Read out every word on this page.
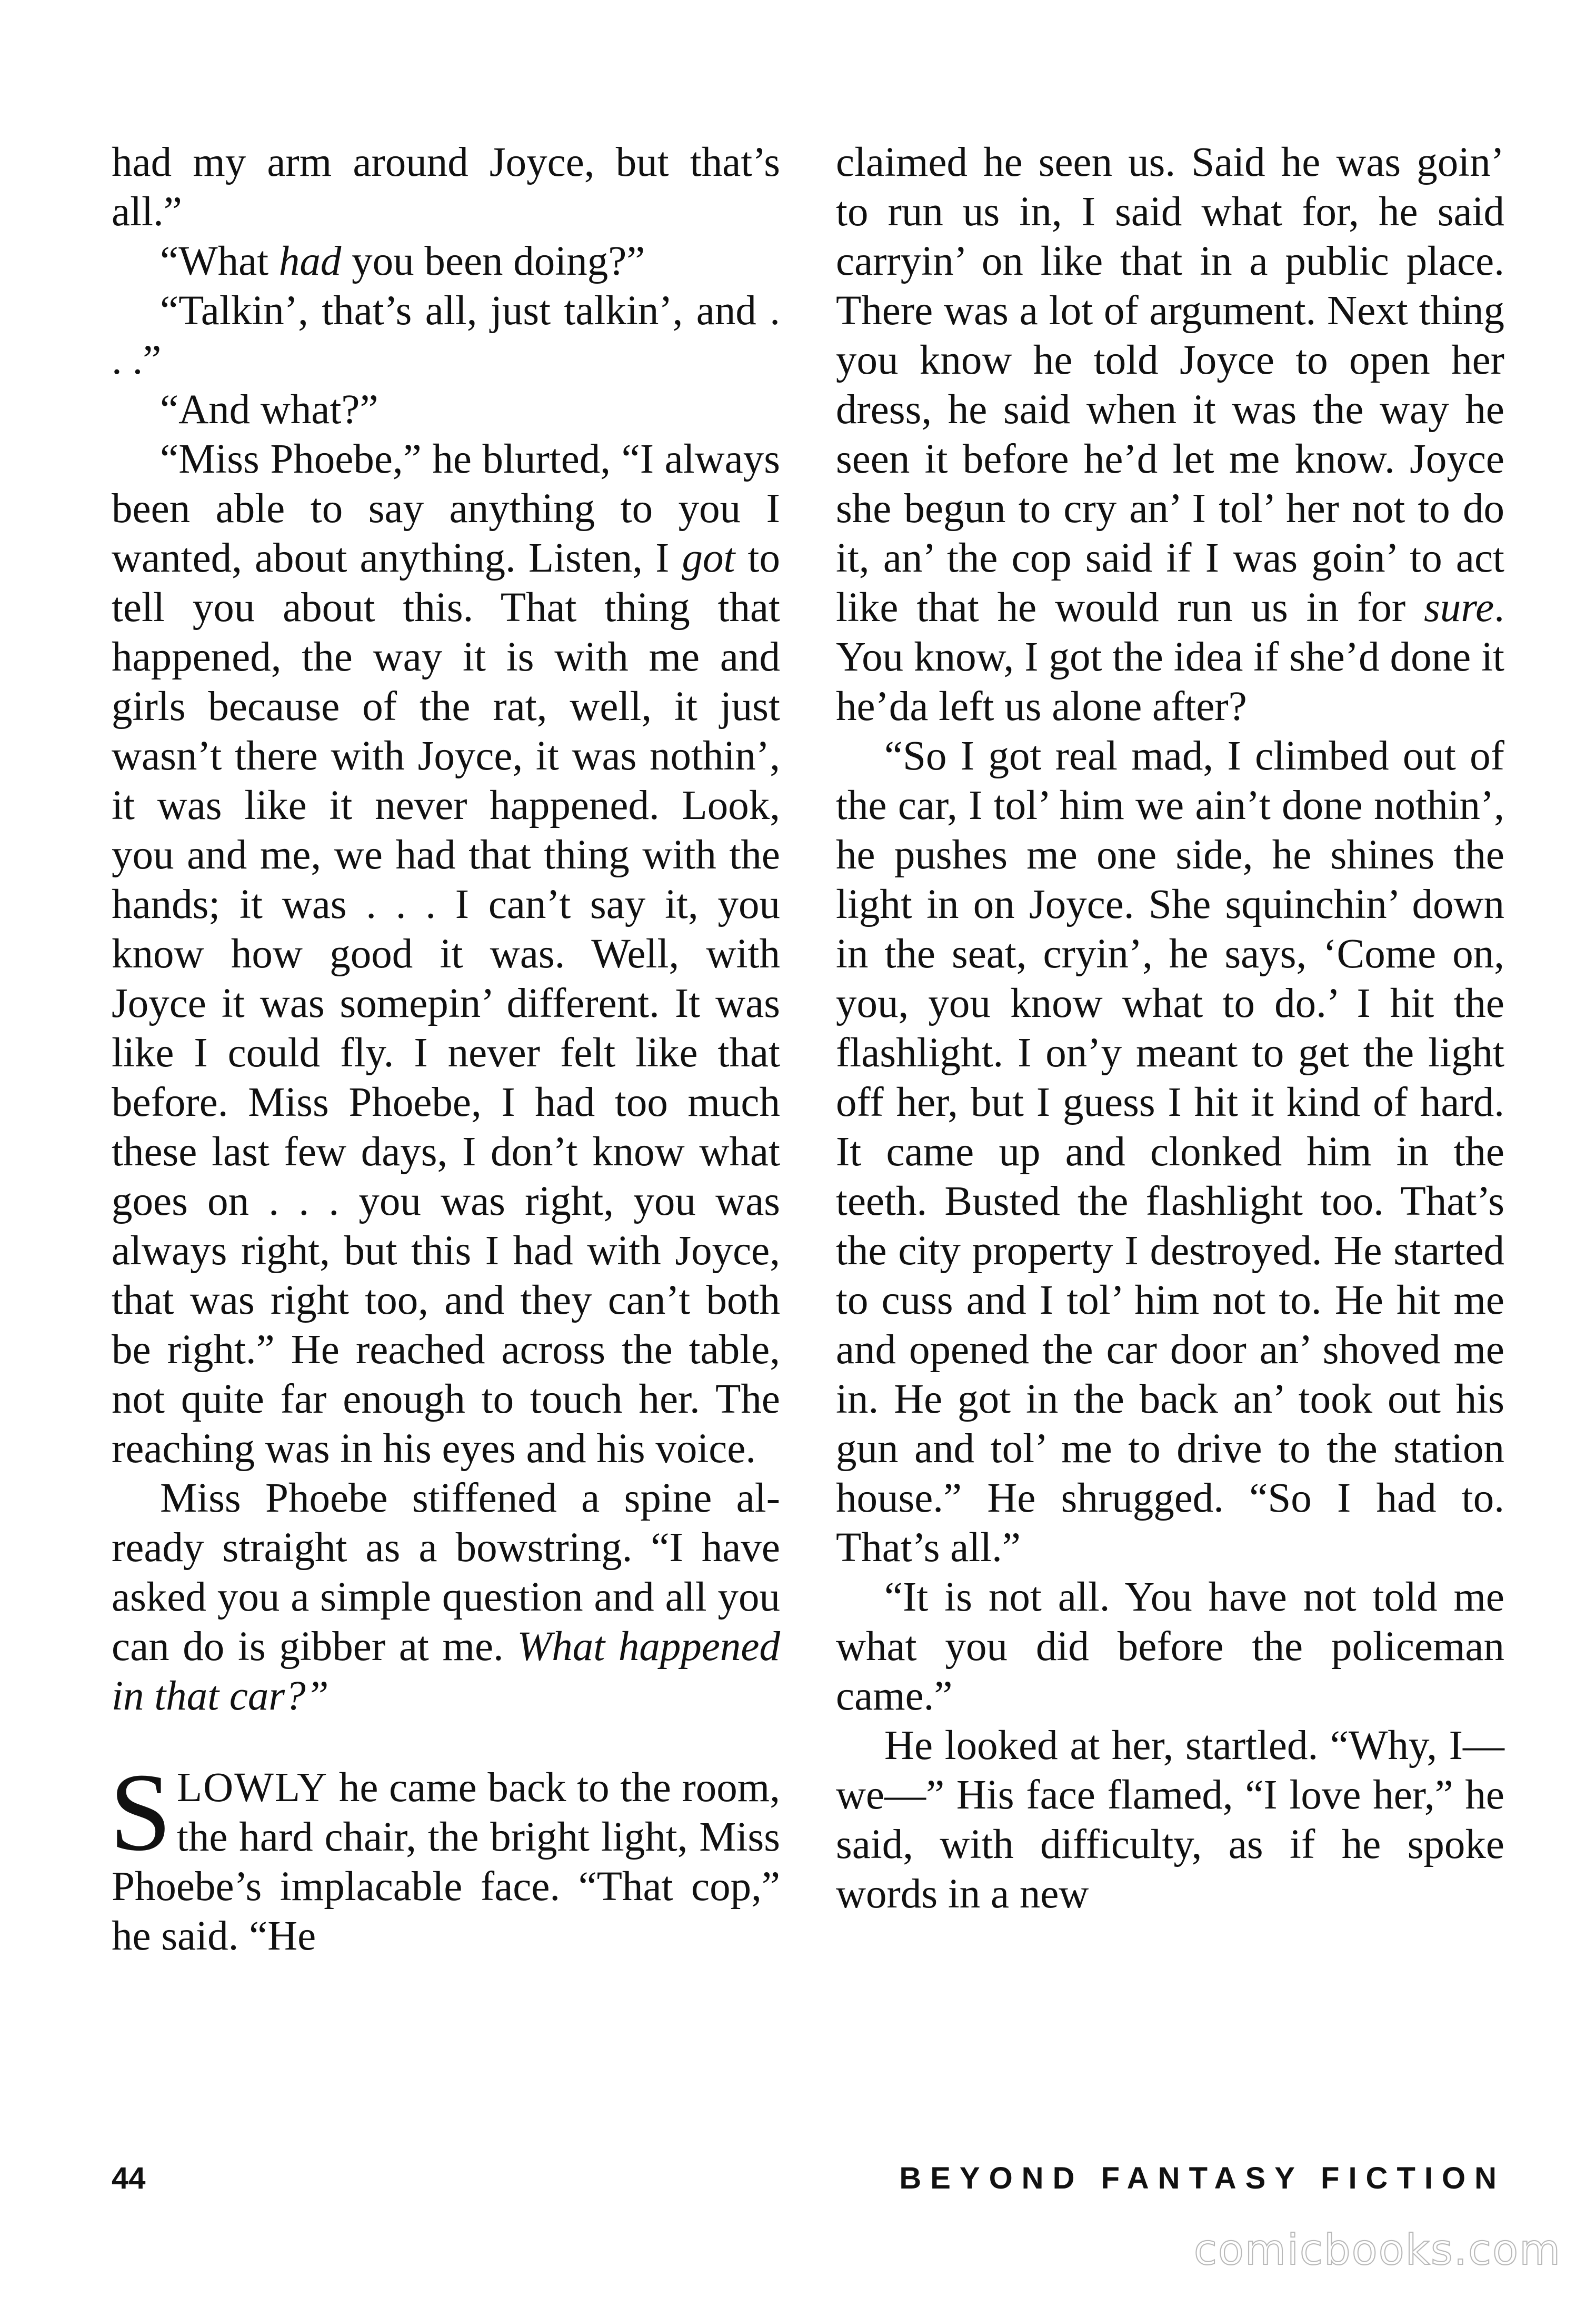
had my arm around Joyce, but that’s all.”

“What had you been doing?”

“Talkin’, that’s all, just talkin’, and . . .”

“And what?”

“Miss Phoebe,” he blurted, “I always been able to say anything to you I wanted, about anything. Listen, I got to tell you about this. That thing that happened, the way it is with me and girls because of the rat, well, it just wasn’t there with Joyce, it was nothin’, it was like it never happened. Look, you and me, we had that thing with the hands; it was . . . I can’t say it, you know how good it was. Well, with Joyce it was somepin’ different. It was like I could fly. I never felt like that before. Miss Phoebe, I had too much these last few days, I don’t know what goes on . . . you was right, you was always right, but this I had with Joyce, that was right too, and they can’t both be right.” He reached across the table, not quite far enough to touch her. The reaching was in his eyes and his voice.

Miss Phoebe stiffened a spine already straight as a bowstring. “I have asked you a simple question and all you can do is gibber at me. What happened in that car?”

SLOWLY he came back to the room, the hard chair, the bright light, Miss Phoebe’s implacable face. “That cop,” he said. “He

claimed he seen us. Said he was goin’ to run us in, I said what for, he said carryin’ on like that in a public place. There was a lot of argument. Next thing you know he told Joyce to open her dress, he said when it was the way he seen it before he’d let me know. Joyce she begun to cry an’ I tol’ her not to do it, an’ the cop said if I was goin’ to act like that he would run us in for sure. You know, I got the idea if she’d done it he’da left us alone after?

“So I got real mad, I climbed out of the car, I tol’ him we ain’t done nothin’, he pushes me one side, he shines the light in on Joyce. She squinchin’ down in the seat, cryin’, he says, ‘Come on, you, you know what to do.’ I hit the flashlight. I on’y meant to get the light off her, but I guess I hit it kind of hard. It came up and clonked him in the teeth. Busted the flashlight too. That’s the city property I destroyed. He started to cuss and I tol’ him not to. He hit me and opened the car door an’ shoved me in. He got in the back an’ took out his gun and tol’ me to drive to the station house.” He shrugged. “So I had to. That’s all.”

“It is not all. You have not told me what you did before the policeman came.”

He looked at her, startled. “Why, I—we—” His face flamed, “I love her,” he said, with difficulty, as if he spoke words in a new

44	BEYOND FANTASY FICTION
comicbooks.com
